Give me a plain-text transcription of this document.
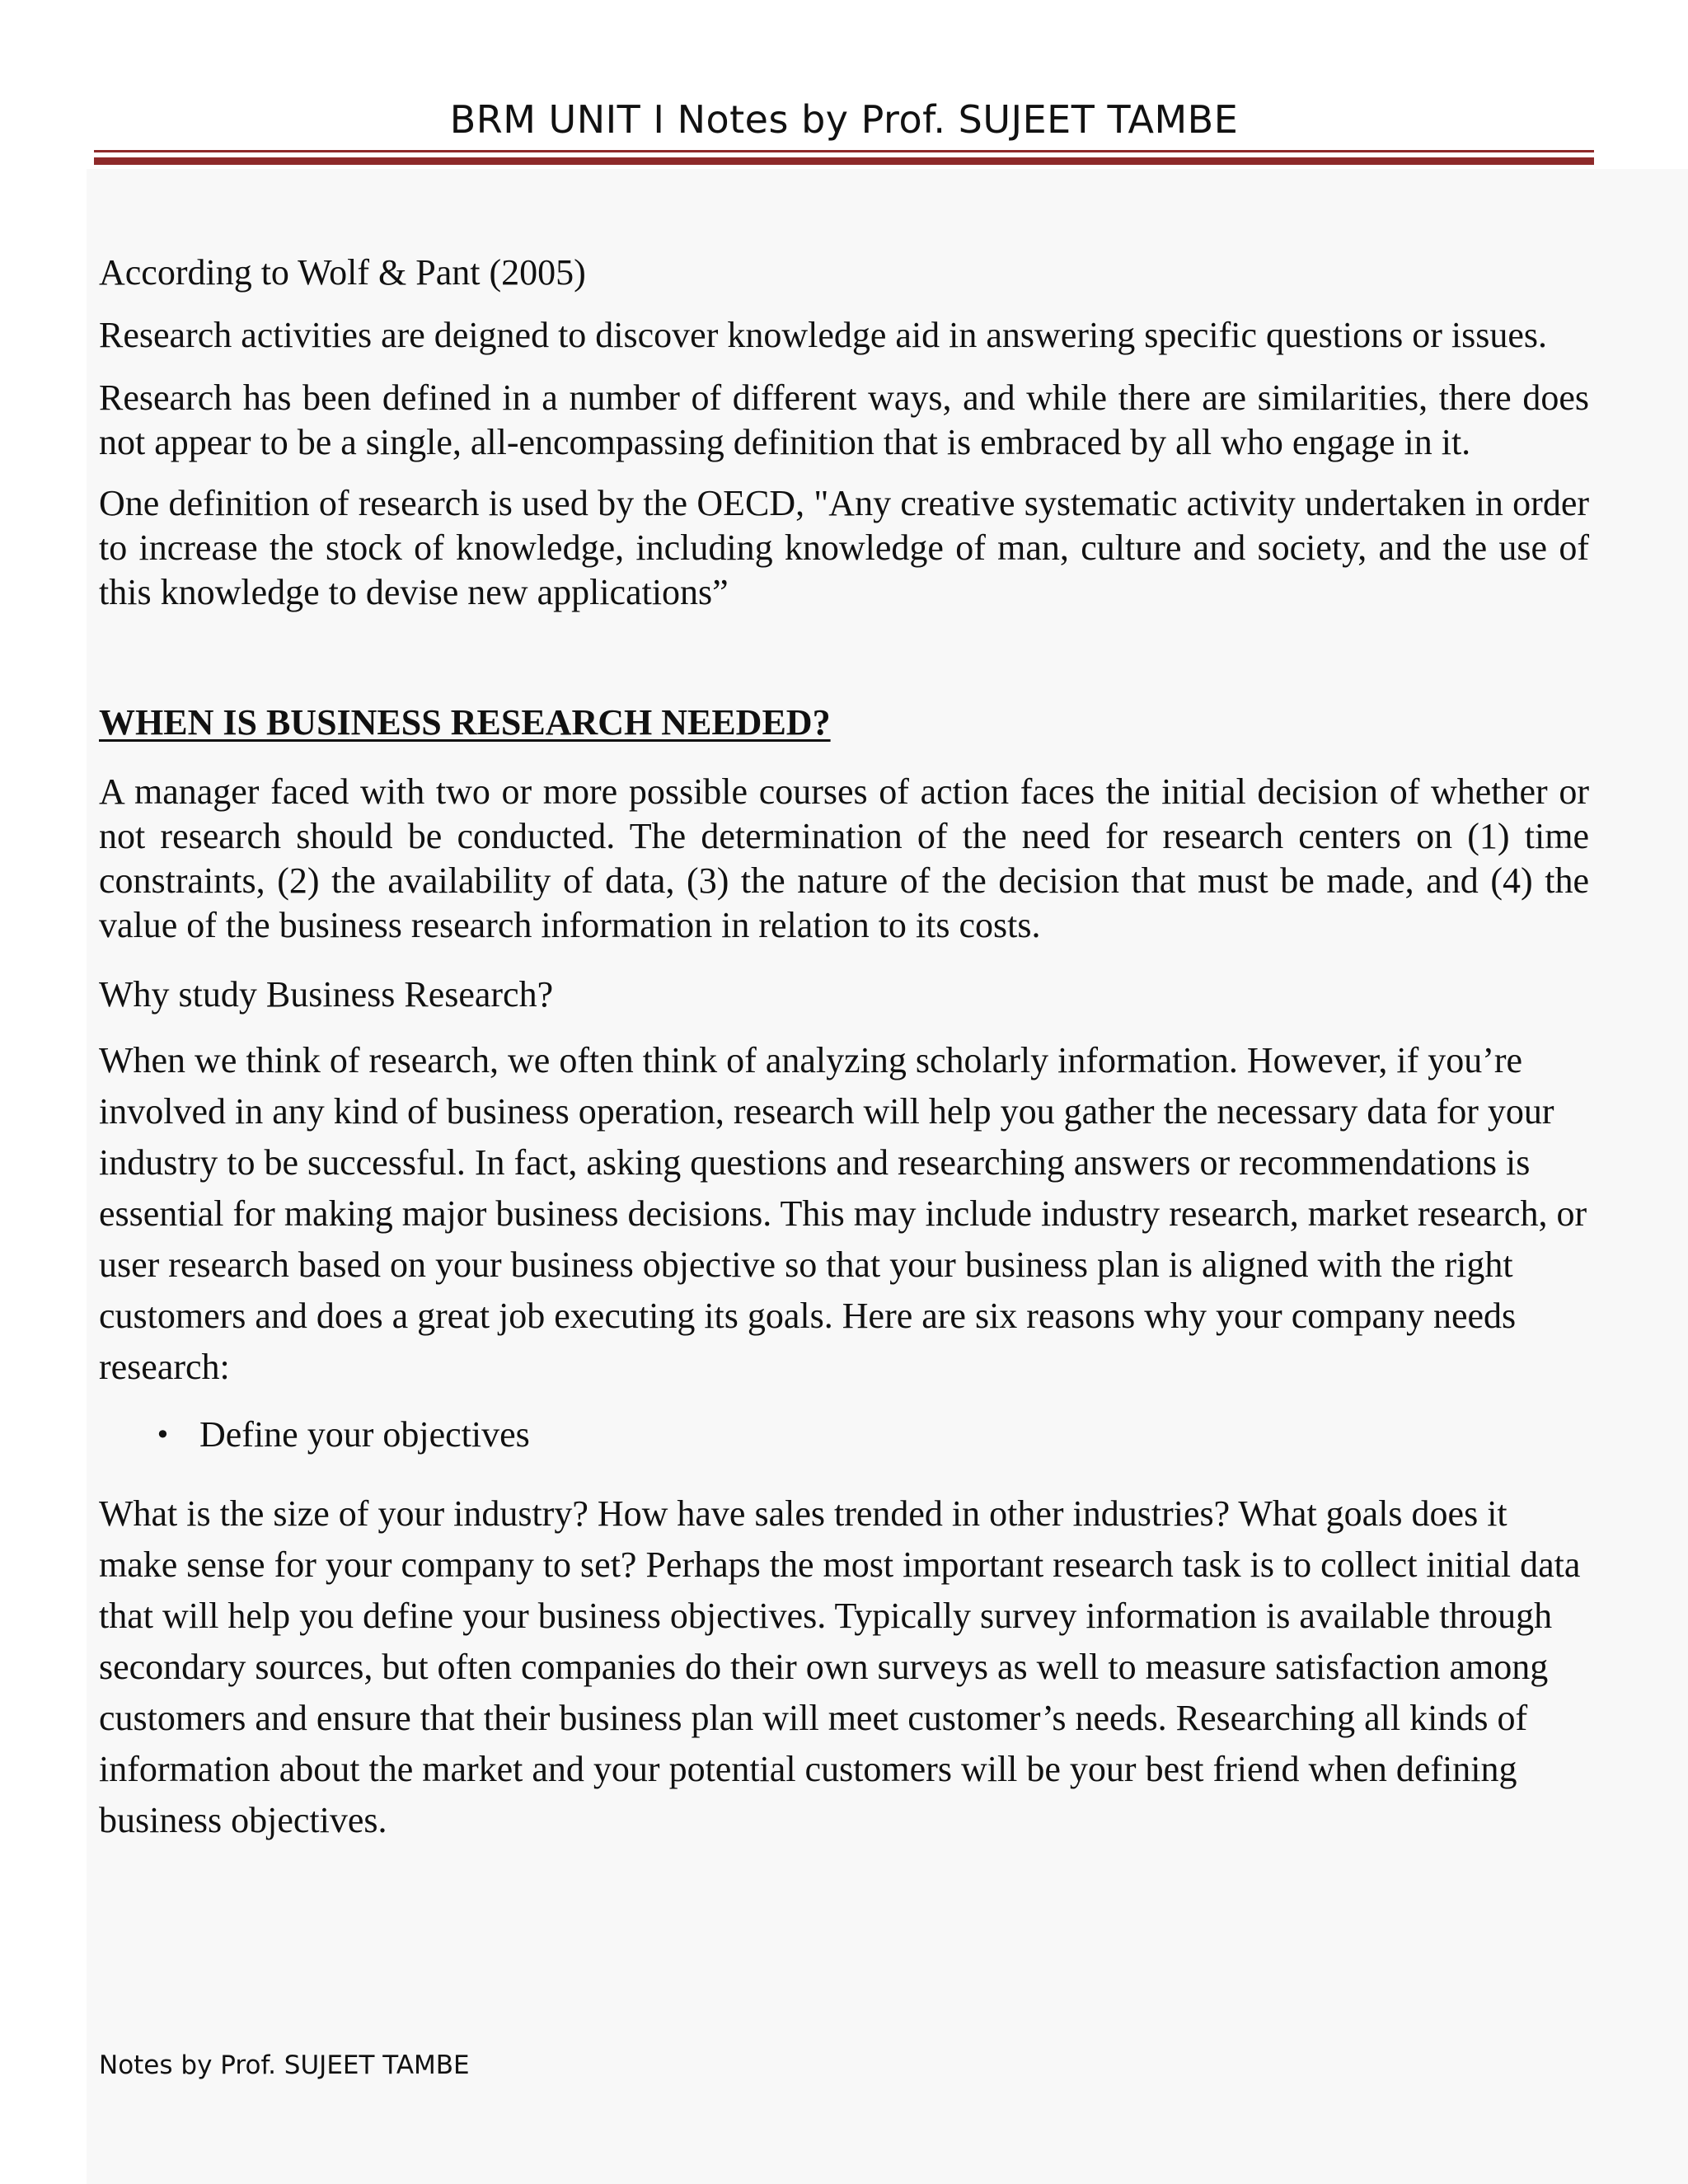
BRM UNIT I Notes by Prof. SUJEET TAMBE

According to Wolf & Pant (2005)

Research activities are deigned to discover knowledge aid in answering specific questions or issues.

Research has been defined in a number of different ways, and while there are similarities, there does not appear to be a single, all-encompassing definition that is embraced by all who engage in it.

One definition of research is used by the OECD, "Any creative systematic activity undertaken in order to increase the stock of knowledge, including knowledge of man, culture and society, and the use of this knowledge to devise new applications”

WHEN IS BUSINESS RESEARCH NEEDED?

A manager faced with two or more possible courses of action faces the initial decision of whether or not research should be conducted. The determination of the need for research centers on (1) time constraints, (2) the availability of data, (3) the nature of the decision that must be made, and (4) the value of the business research information in relation to its costs.

Why study Business Research?

When we think of research, we often think of analyzing scholarly information. However, if you’re involved in any kind of business operation, research will help you gather the necessary data for your industry to be successful. In fact, asking questions and researching answers or recommendations is essential for making major business decisions. This may include industry research, market research, or user research based on your business objective so that your business plan is aligned with the right customers and does a great job executing its goals. Here are six reasons why your company needs research:

• Define your objectives

What is the size of your industry? How have sales trended in other industries? What goals does it make sense for your company to set? Perhaps the most important research task is to collect initial data that will help you define your business objectives. Typically survey information is available through secondary sources, but often companies do their own surveys as well to measure satisfaction among customers and ensure that their business plan will meet customer’s needs. Researching all kinds of information about the market and your potential customers will be your best friend when defining business objectives.

Notes by Prof. SUJEET TAMBE
